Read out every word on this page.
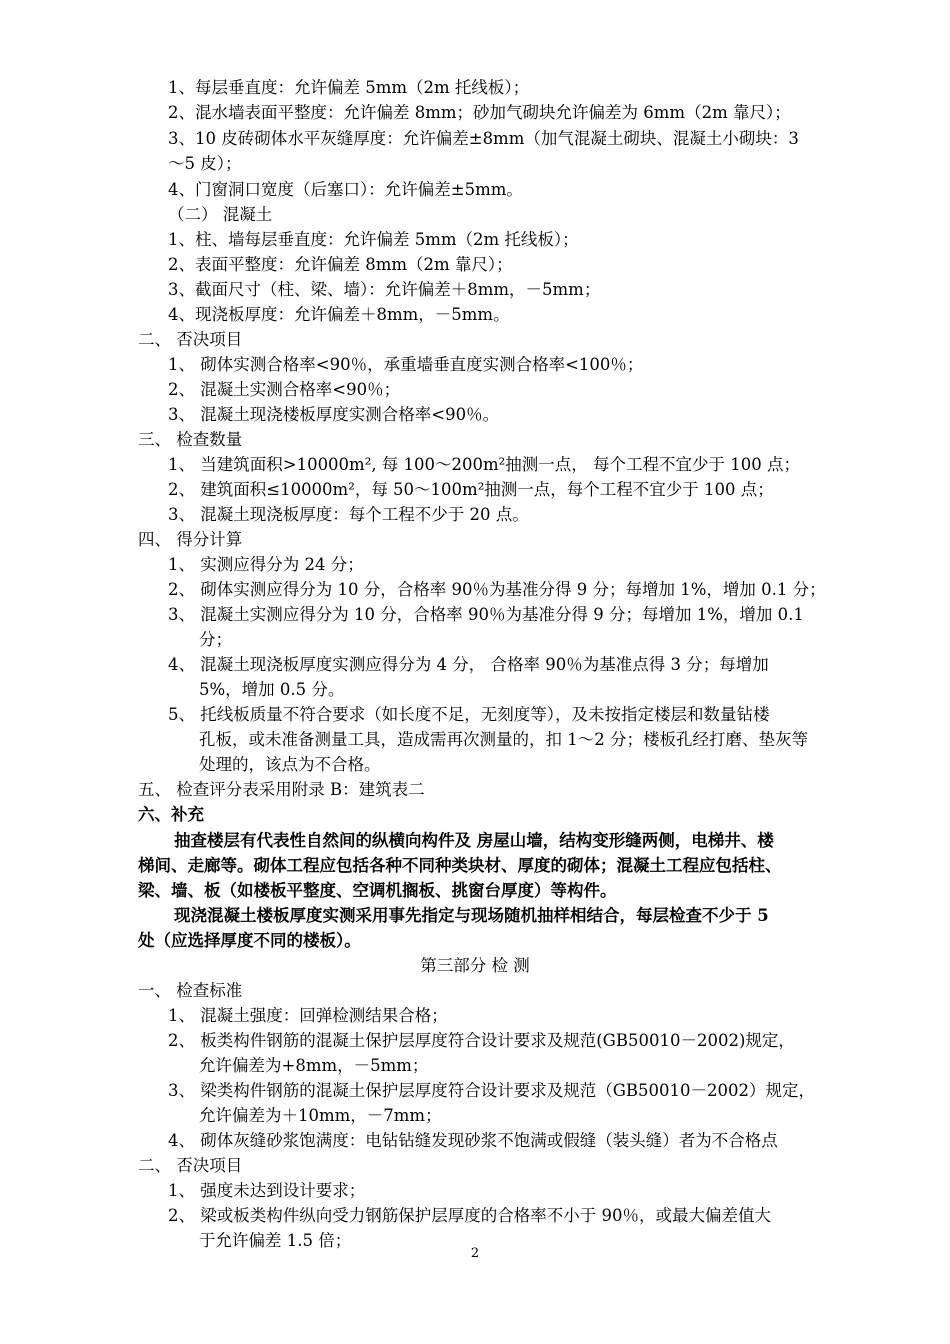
1、每层垂直度：允许偏差 5mm（2m 托线板）；
2、混水墙表面平整度：允许偏差 8mm；砂加气砌块允许偏差为 6mm（2m 靠尺）；
3、10 皮砖砌体水平灰缝厚度：允许偏差±8mm（加气混凝土砌块、混凝土小砌块：3
～5 皮）；
4、门窗洞口宽度（后塞口）：允许偏差±5mm。
（二） 混凝土
1、柱、墙每层垂直度：允许偏差 5mm（2m 托线板）；
2、表面平整度：允许偏差 8mm（2m 靠尺）；
3、截面尺寸（柱、梁、墙）：允许偏差＋8mm，－5mm；
4、现浇板厚度：允许偏差＋8mm，－5mm。
二、 否决项目
1、 砌体实测合格率<90％，承重墙垂直度实测合格率<100％；
2、 混凝土实测合格率<90％；
3、 混凝土现浇楼板厚度实测合格率<90％。
三、 检查数量
1、 当建筑面积>10000m², 每 100～200m²抽测一点， 每个工程不宜少于 100 点；
2、 建筑面积≤10000m²，每 50～100m²抽测一点，每个工程不宜少于 100 点；
3、 混凝土现浇板厚度：每个工程不少于 20 点。
四、 得分计算
1、 实测应得分为 24 分；
2、 砌体实测应得分为 10 分，合格率 90％为基准分得 9 分；每增加 1%，增加 0.1 分；
3、 混凝土实测应得分为 10 分，合格率 90％为基准分得 9 分；每增加 1%，增加 0.1
分；
4、 混凝土现浇板厚度实测应得分为 4 分， 合格率 90％为基准点得 3 分；每增加
5%，增加 0.5 分。
5、 托线板质量不符合要求（如长度不足，无刻度等），及未按指定楼层和数量钻楼
孔板，或未准备测量工具，造成需再次测量的，扣 1～2 分；楼板孔经打磨、垫灰等
处理的，该点为不合格。
五、 检查评分表采用附录 B：建筑表二
六、补充
抽查楼层有代表性自然间的纵横向构件及 房屋山墙，结构变形缝两侧，电梯井、楼
梯间、走廊等。砌体工程应包括各种不同种类块材、厚度的砌体；混凝土工程应包括柱、
梁、墙、板（如楼板平整度、空调机搁板、挑窗台厚度）等构件。
现浇混凝土楼板厚度实测采用事先指定与现场随机抽样相结合，每层检查不少于 5
处（应选择厚度不同的楼板）。
第三部分 检 测
一、 检查标准
1、 混凝土强度：回弹检测结果合格；
2、 板类构件钢筋的混凝土保护层厚度符合设计要求及规范(GB50010－2002)规定，
允许偏差为+8mm，－5mm；
3、 梁类构件钢筋的混凝土保护层厚度符合设计要求及规范（GB50010－2002）规定，
允许偏差为＋10mm，－7mm；
4、 砌体灰缝砂浆饱满度：电钻钻缝发现砂浆不饱满或假缝（装头缝）者为不合格点
二、 否决项目
1、 强度未达到设计要求；
2、 梁或板类构件纵向受力钢筋保护层厚度的合格率不小于 90％，或最大偏差值大
于允许偏差 1.5 倍；
2
